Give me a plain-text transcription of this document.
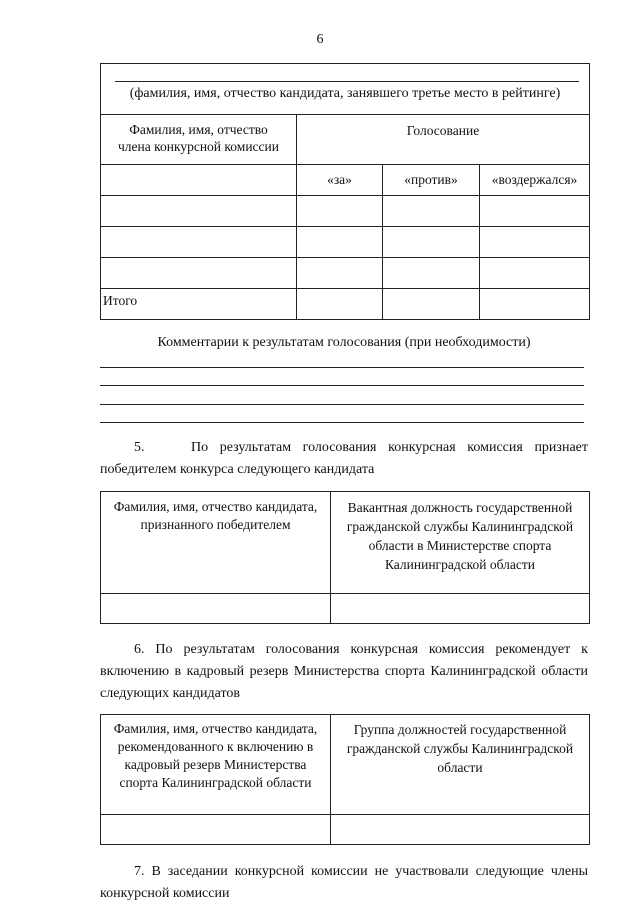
6
(фамилия, имя, отчество кандидата, занявшего третье место в рейтинге)			

Фамилия, имя, отчество члена конкурсной комиссии	Голосование		
	«за»	«против»	«воздержался»

Итого			
Комментарии к результатам голосования (при необходимости)
5.    По результатам голосования конкурсная комиссия признает победителем конкурса следующего кандидата
Фамилия, имя, отчество кандидата, признанного победителем	Вакантная должность государственной гражданской службы Калининградской области в Министерстве спорта Калининградской области

6. По результатам голосования конкурсная комиссия рекомендует к включению в кадровый резерв Министерства спорта Калининградской области следующих кандидатов
Фамилия, имя, отчество кандидата, рекомендованного к включению в кадровый резерв Министерства спорта Калининградской области	Группа должностей государственной гражданской службы Калининградской области

7. В заседании конкурсной комиссии не участвовали следующие члены конкурсной комиссии
